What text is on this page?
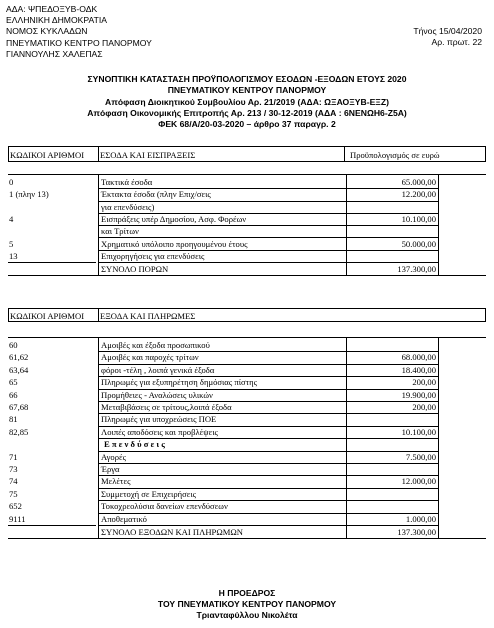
ΑΔΑ: ΨΠΕΔΟΞΥΒ-ΟΔΚ
ΕΛΛΗΝΙΚΗ ΔΗΜΟΚΡΑΤΙΑ
ΝΟΜΟΣ ΚΥΚΛΑΔΩΝ
ΠΝΕΥΜΑΤΙΚΟ ΚΕΝΤΡΟ ΠΑΝΟΡΜΟΥ
ΓΙΑΝΝΟΥΛΗΣ ΧΑΛΕΠΑΣ
Τήνος 15/04/2020
Αρ. πρωτ. 22
ΣΥΝΟΠΤΙΚΗ ΚΑΤΑΣΤΑΣΗ ΠΡΟΫΠΟΛΟΓΙΣΜΟΥ ΕΣΟΔΩΝ -ΕΞΟΔΩΝ ΕΤΟΥΣ 2020
ΠΝΕΥΜΑΤΙΚΟΥ ΚΕΝΤΡΟΥ ΠΑΝΟΡΜΟΥ
Απόφαση Διοικητικού Συμβουλίου Αρ. 21/2019 (ΑΔΑ: ΩΞΑΟΞΥΒ-ΕΞΖ)
Απόφαση Οικονομικής Επιτροπής Αρ. 213 / 30-12-2019 (ΑΔΑ : 6ΝΕΝΩΗ6-Ζ5Α)
ΦΕΚ 68/Α/20-03-2020 – άρθρο 37 παραγρ. 2
ΚΩΔΙΚΟΙ ΑΡΙΘΜΟΙ	ΕΣΟΔΑ ΚΑΙ ΕΙΣΠΡΑΞΕΙΣ	Προϋπολογισμός σε ευρώ
0	Τακτικά έσοδα	65.000,00
1 (πλην 13)	Έκτακτα έσοδα (πλην Επιχ/σεις	12.200,00
για επενδύσεις)
4	Εισπράξεις υπέρ Δημοσίου, Ασφ. Φορέων	10.100,00
και Τρίτων
5	Χρηματικό υπόλοιπο προηγουμένου έτους	50.000,00
13	Επιχορηγήσεις για επενδύσεις
ΣΥΝΟΛΟ ΠΟΡΩΝ	137.300,00
ΚΩΔΙΚΟΙ ΑΡΙΘΜΟΙ	ΕΞΟΔΑ ΚΑΙ ΠΛΗΡΩΜΕΣ
60	Αμοιβές και έξοδα προσωπικού
61,62	Αμοιβές και παροχές τρίτων	68.000,00
63,64	φόροι -τέλη , λοιπά γενικά έξοδα	18.400,00
65	Πληρωμές για εξυπηρέτηση δημόσιας πίστης	200,00
66	Προμήθειες - Αναλώσεις υλικών	19.900,00
67,68	Μεταβιβάσεις σε τρίτους,λοιπά έξοδα	200,00
81	Πληρωμές για υποχρεώσεις ΠΟΕ
82,85	Λοιπές αποδόσεις και προβλέψεις	10.100,00
Ε π ε ν δ ύ σ ε ι ς
71	Αγορές	7.500,00
73	Έργα
74	Μελέτες	12.000,00
75	Συμμετοχή σε Επιχειρήσεις
652	Τοκοχρεολύσια δανείων επενδύσεων
9111	Αποθεματικό	1.000,00
ΣΥΝΟΛΟ ΕΞΟΔΩΝ ΚΑΙ ΠΛΗΡΩΜΩΝ	137.300,00
Η ΠΡΟΕΔΡΟΣ
ΤΟΥ ΠΝΕΥΜΑΤΙΚΟΥ ΚΕΝΤΡΟΥ ΠΑΝΟΡΜΟΥ
Τριανταφύλλου Νικολέτα
